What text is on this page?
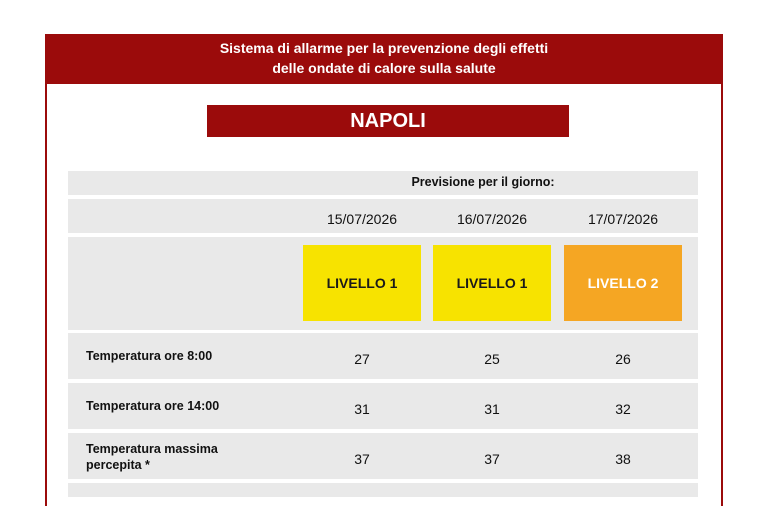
Sistema di allarme per la prevenzione degli effetti
delle ondate di calore sulla salute
NAPOLI
Previsione per il giorno:
15/07/2026	16/07/2026	17/07/2026
LIVELLO 1	LIVELLO 1	LIVELLO 2
Temperatura ore 8:00	27	25	26
Temperatura ore 14:00	31	31	32
Temperatura massima percepita *	37	37	38
